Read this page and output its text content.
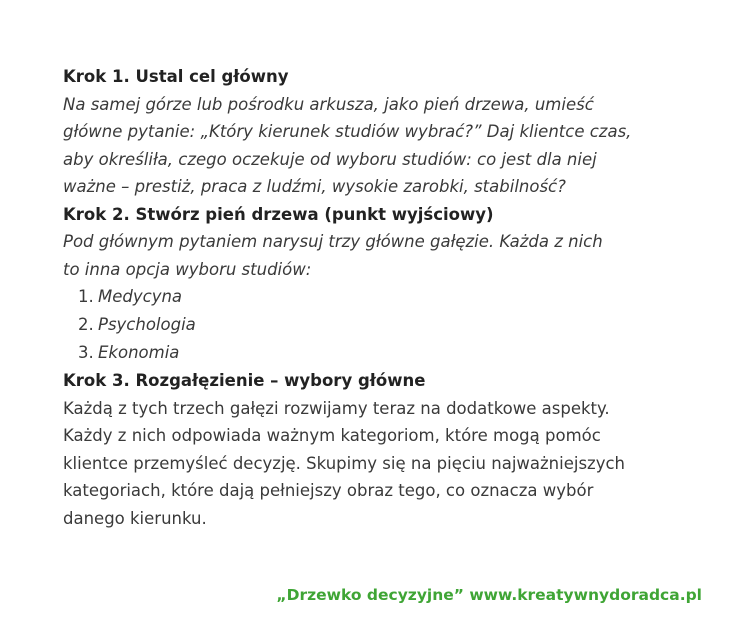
Krok 1. Ustal cel główny

Na samej górze lub pośrodku arkusza, jako pień drzewa, umieść

główne pytanie: „Który kierunek studiów wybrać?” Daj klientce czas,

aby określiła, czego oczekuje od wyboru studiów: co jest dla niej

ważne – prestiż, praca z ludźmi, wysokie zarobki, stabilność?

Krok 2. Stwórz pień drzewa (punkt wyjściowy)

Pod głównym pytaniem narysuj trzy główne gałęzie. Każda z nich

to inna opcja wyboru studiów:

1. Medycyna
2. Psychologia
3. Ekonomia
Krok 3. Rozgałęzienie – wybory główne

Każdą z tych trzech gałęzi rozwijamy teraz na dodatkowe aspekty.

Każdy z nich odpowiada ważnym kategoriom, które mogą pomóc

klientce przemyśleć decyzję. Skupimy się na pięciu najważniejszych

kategoriach, które dają pełniejszy obraz tego, co oznacza wybór

danego kierunku.

„Drzewko decyzyjne” www.kreatywnydoradca.pl
